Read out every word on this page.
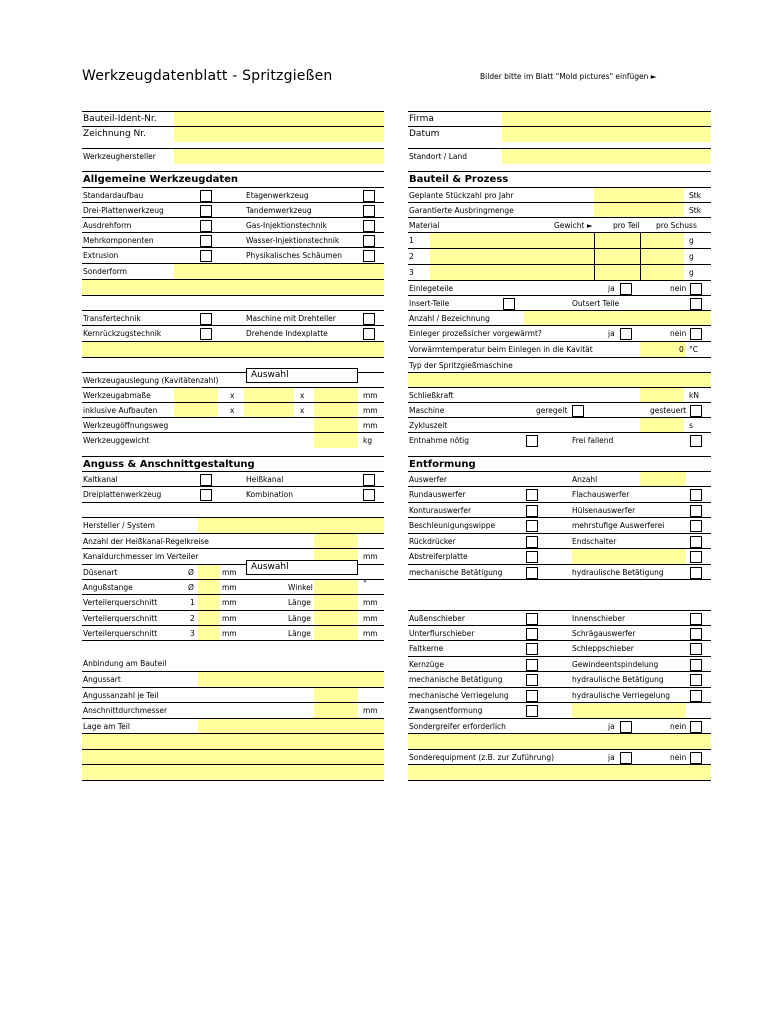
Werkzeugdatenblatt - Spritzgießen	Bilder bitte im Blatt "Mold pictures" einfügen ►
Bauteil-Ident-Nr.
Zeichnung Nr.
Werkzeughersteller
Allgemeine Werkzeugdaten
Standardaufbau	Etagenwerkzeug
Drei-Plattenwerkzeug	Tandemwerkzeug
Ausdrehform	Gas-Injektionstechnik
Mehrkomponenten	Wasser-Injektionstechnik
Extrusion	Physikalisches Schäumen
Sonderform
Transfertechnik	Maschine mit Drehteller
Kernrückzugstechnik	Drehende Indexplatte
Werkzeugauslegung (Kavitätenzahl)
Auswahl
Werkzeugabmaße	x	x	mm
inklusive Aufbauten	x	x	mm
Werkzeugöffnungsweg	mm
Werkzeuggewicht	kg
Anguss & Anschnittgestaltung
Kaltkanal	Heißkanal
Dreiplattenwerkzeug	Kombination
Hersteller / System
Anzahl der Heißkanal-Regelkreise
Kanaldurchmesser im Verteiler	mm
Düsenart	Ø	mm
Auswahl
Angußstange	Ø	mm	Winkel	°
Verteilerquerschnitt	1	mm	Länge	mm
Verteilerquerschnitt	2	mm	Länge	mm
Verteilerquerschnitt	3	mm	Länge	mm
Anbindung am Bauteil
Angussart
Angussanzahl je Teil
Anschnittdurchmesser	mm
Lage am Teil
Firma
Datum
Standort / Land
Bauteil & Prozess
Geplante Stückzahl pro Jahr	Stk
Garantierte Ausbringmenge	Stk
Material	Gewicht ►	pro Teil pro Schuss
1	g
2	g
3	g
Einlegeteile	ja	nein
Insert-Teile	Outsert Teile
Anzahl / Bezeichnung
Einleger prozeßsicher vorgewärmt?	ja	nein
Vorwärmtemperatur beim Einlegen in die Kavität	0 °C
Typ der Spritzgießmaschine
Schließkraft	kN
Maschine	geregelt	gesteuert
Zykluszeit	s
Entnahme nötig	Frei fallend
Entformung
Auswerfer	Anzahl
Rundauswerfer	Flachauswerfer
Konturauswerfer	Hülsenauswerfer
Beschleunigungswippe	mehrstufige Auswerferei
Rückdrücker	Endschalter
Abstreiferplatte
mechanische Betätigung	hydraulische Betätigung
Außenschieber	Innenschieber
Unterflurschieber	Schrägauswerfer
Faltkerne	Schleppschieber
Kernzüge	Gewindeentspindelung
mechanische Betätigung	hydraulische Betätigung
mechanische Verriegelung	hydraulische Verriegelung
Zwangsentformung
Sondergreifer erforderlich	ja	nein
Sonderequipment (z.B. zur Zuführung)	ja	nein
